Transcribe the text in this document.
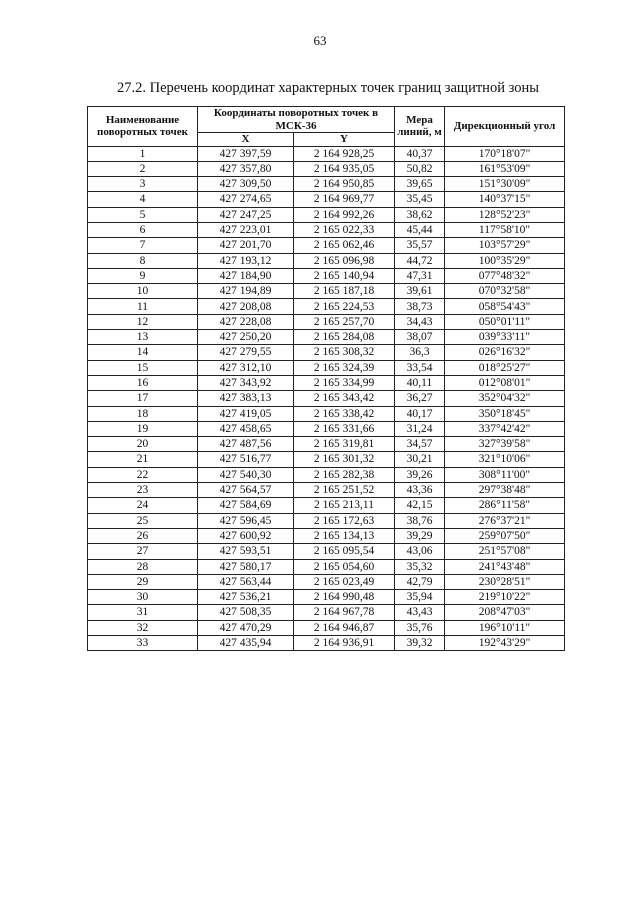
63
27.2. Перечень координат характерных точек границ защитной зоны
Наименование поворотных точек	Координаты поворотных точек в МСК-36		Мера линий, м	Дирекционный угол
	X	Y		
1	427 397,59	2 164 928,25	40,37	170°18'07"
2	427 357,80	2 164 935,05	50,82	161°53'09"
3	427 309,50	2 164 950,85	39,65	151°30'09"
4	427 274,65	2 164 969,77	35,45	140°37'15"
5	427 247,25	2 164 992,26	38,62	128°52'23"
6	427 223,01	2 165 022,33	45,44	117°58'10"
7	427 201,70	2 165 062,46	35,57	103°57'29"
8	427 193,12	2 165 096,98	44,72	100°35'29"
9	427 184,90	2 165 140,94	47,31	077°48'32"
10	427 194,89	2 165 187,18	39,61	070°32'58"
11	427 208,08	2 165 224,53	38,73	058°54'43"
12	427 228,08	2 165 257,70	34,43	050°01'11"
13	427 250,20	2 165 284,08	38,07	039°33'11"
14	427 279,55	2 165 308,32	36,3	026°16'32"
15	427 312,10	2 165 324,39	33,54	018°25'27"
16	427 343,92	2 165 334,99	40,11	012°08'01"
17	427 383,13	2 165 343,42	36,27	352°04'32"
18	427 419,05	2 165 338,42	40,17	350°18'45"
19	427 458,65	2 165 331,66	31,24	337°42'42"
20	427 487,56	2 165 319,81	34,57	327°39'58"
21	427 516,77	2 165 301,32	30,21	321°10'06"
22	427 540,30	2 165 282,38	39,26	308°11'00"
23	427 564,57	2 165 251,52	43,36	297°38'48"
24	427 584,69	2 165 213,11	42,15	286°11'58"
25	427 596,45	2 165 172,63	38,76	276°37'21"
26	427 600,92	2 165 134,13	39,29	259°07'50"
27	427 593,51	2 165 095,54	43,06	251°57'08"
28	427 580,17	2 165 054,60	35,32	241°43'48"
29	427 563,44	2 165 023,49	42,79	230°28'51"
30	427 536,21	2 164 990,48	35,94	219°10'22"
31	427 508,35	2 164 967,78	43,43	208°47'03"
32	427 470,29	2 164 946,87	35,76	196°10'11"
33	427 435,94	2 164 936,91	39,32	192°43'29"
